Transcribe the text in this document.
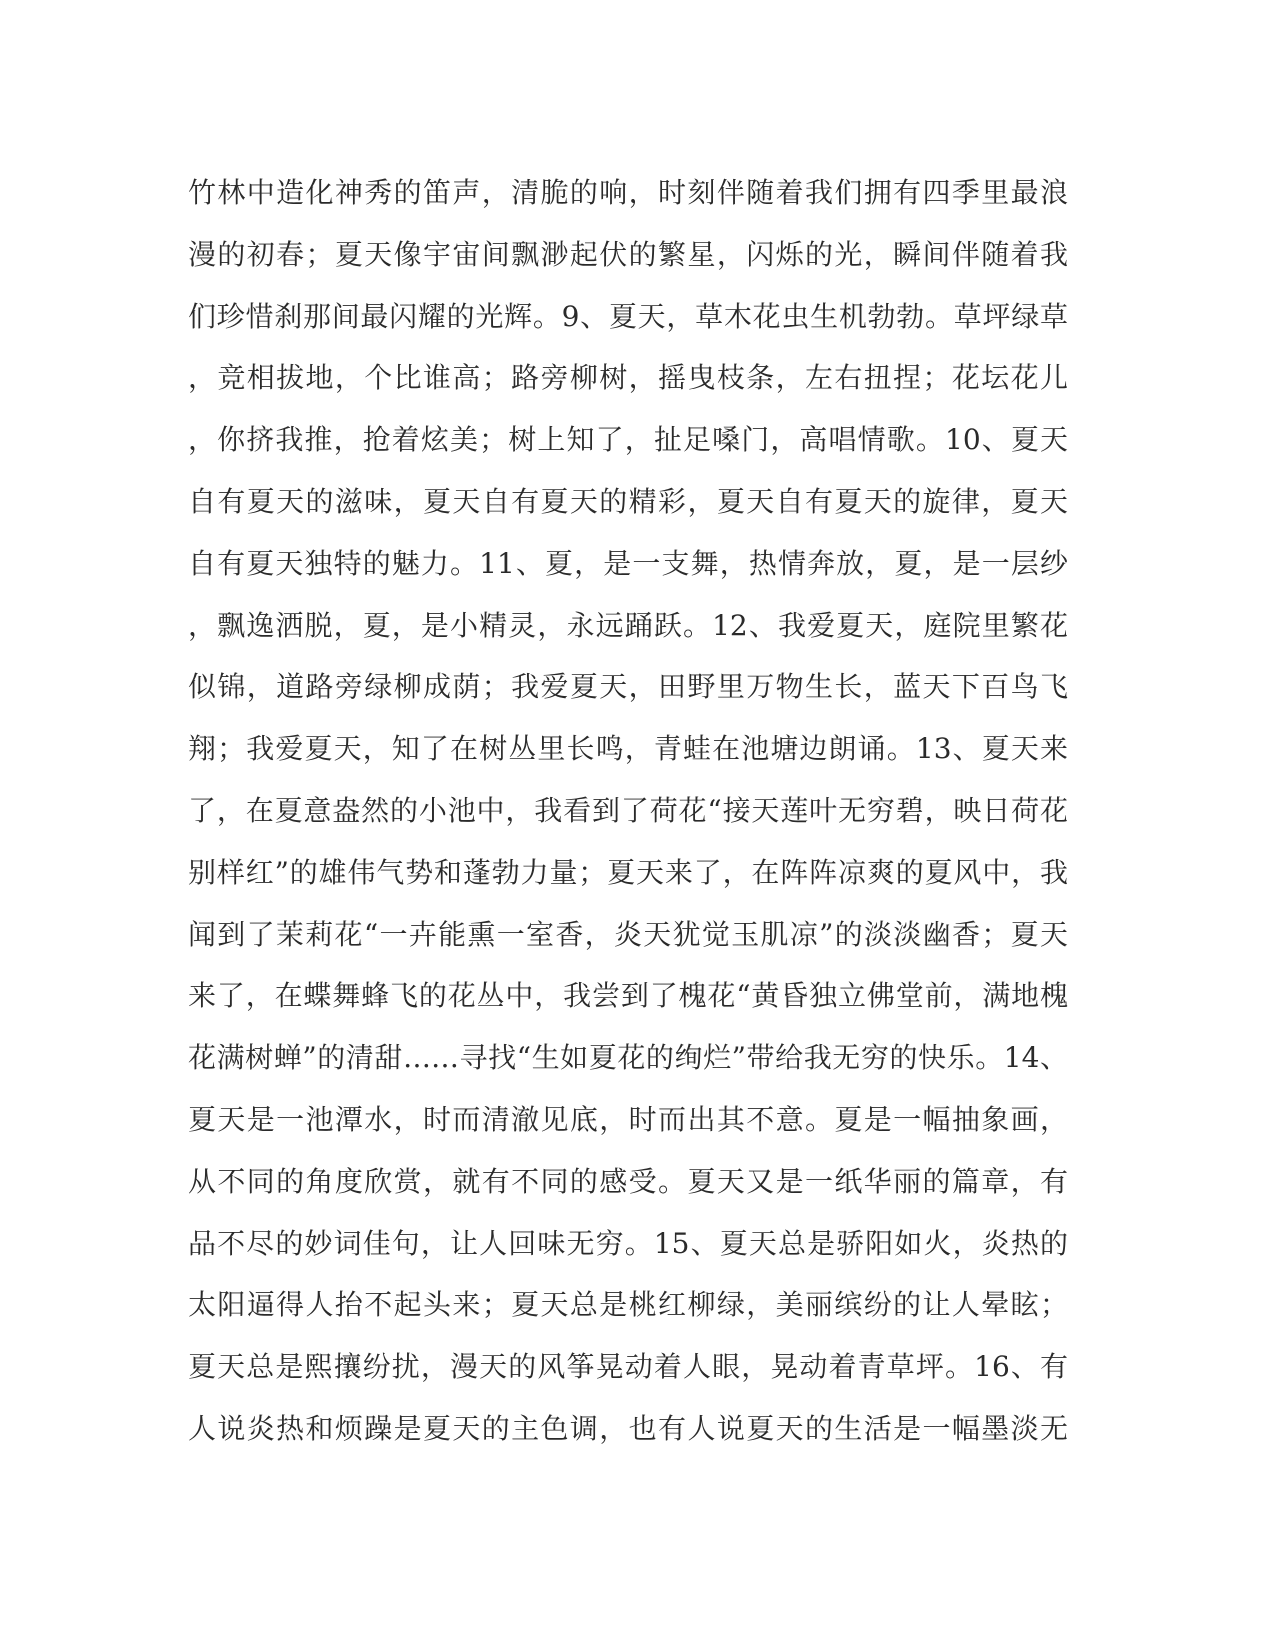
竹林中造化神秀的笛声，清脆的响，时刻伴随着我们拥有四季里最浪
漫的初春；夏天像宇宙间飘渺起伏的繁星，闪烁的光，瞬间伴随着我
们珍惜刹那间最闪耀的光辉。9、夏天，草木花虫生机勃勃。草坪绿草
，竞相拔地，个比谁高；路旁柳树，摇曳枝条，左右扭捏；花坛花儿
，你挤我推，抢着炫美；树上知了，扯足嗓门，高唱情歌。10、夏天
自有夏天的滋味，夏天自有夏天的精彩，夏天自有夏天的旋律，夏天
自有夏天独特的魅力。11、夏，是一支舞，热情奔放，夏，是一层纱
，飘逸洒脱，夏，是小精灵，永远踊跃。12、我爱夏天，庭院里繁花
似锦，道路旁绿柳成荫；我爱夏天，田野里万物生长，蓝天下百鸟飞
翔；我爱夏天，知了在树丛里长鸣，青蛙在池塘边朗诵。13、夏天来
了，在夏意盎然的小池中，我看到了荷花“接天莲叶无穷碧，映日荷花
别样红”的雄伟气势和蓬勃力量；夏天来了，在阵阵凉爽的夏风中，我
闻到了茉莉花“一卉能熏一室香，炎天犹觉玉肌凉”的淡淡幽香；夏天
来了，在蝶舞蜂飞的花丛中，我尝到了槐花“黄昏独立佛堂前，满地槐
花满树蝉”的清甜……寻找“生如夏花的绚烂”带给我无穷的快乐。14、
夏天是一池潭水，时而清澈见底，时而出其不意。夏是一幅抽象画，
从不同的角度欣赏，就有不同的感受。夏天又是一纸华丽的篇章，有
品不尽的妙词佳句，让人回味无穷。15、夏天总是骄阳如火，炎热的
太阳逼得人抬不起头来；夏天总是桃红柳绿，美丽缤纷的让人晕眩；
夏天总是熙攘纷扰，漫天的风筝晃动着人眼，晃动着青草坪。16、有
人说炎热和烦躁是夏天的主色调，也有人说夏天的生活是一幅墨淡无
